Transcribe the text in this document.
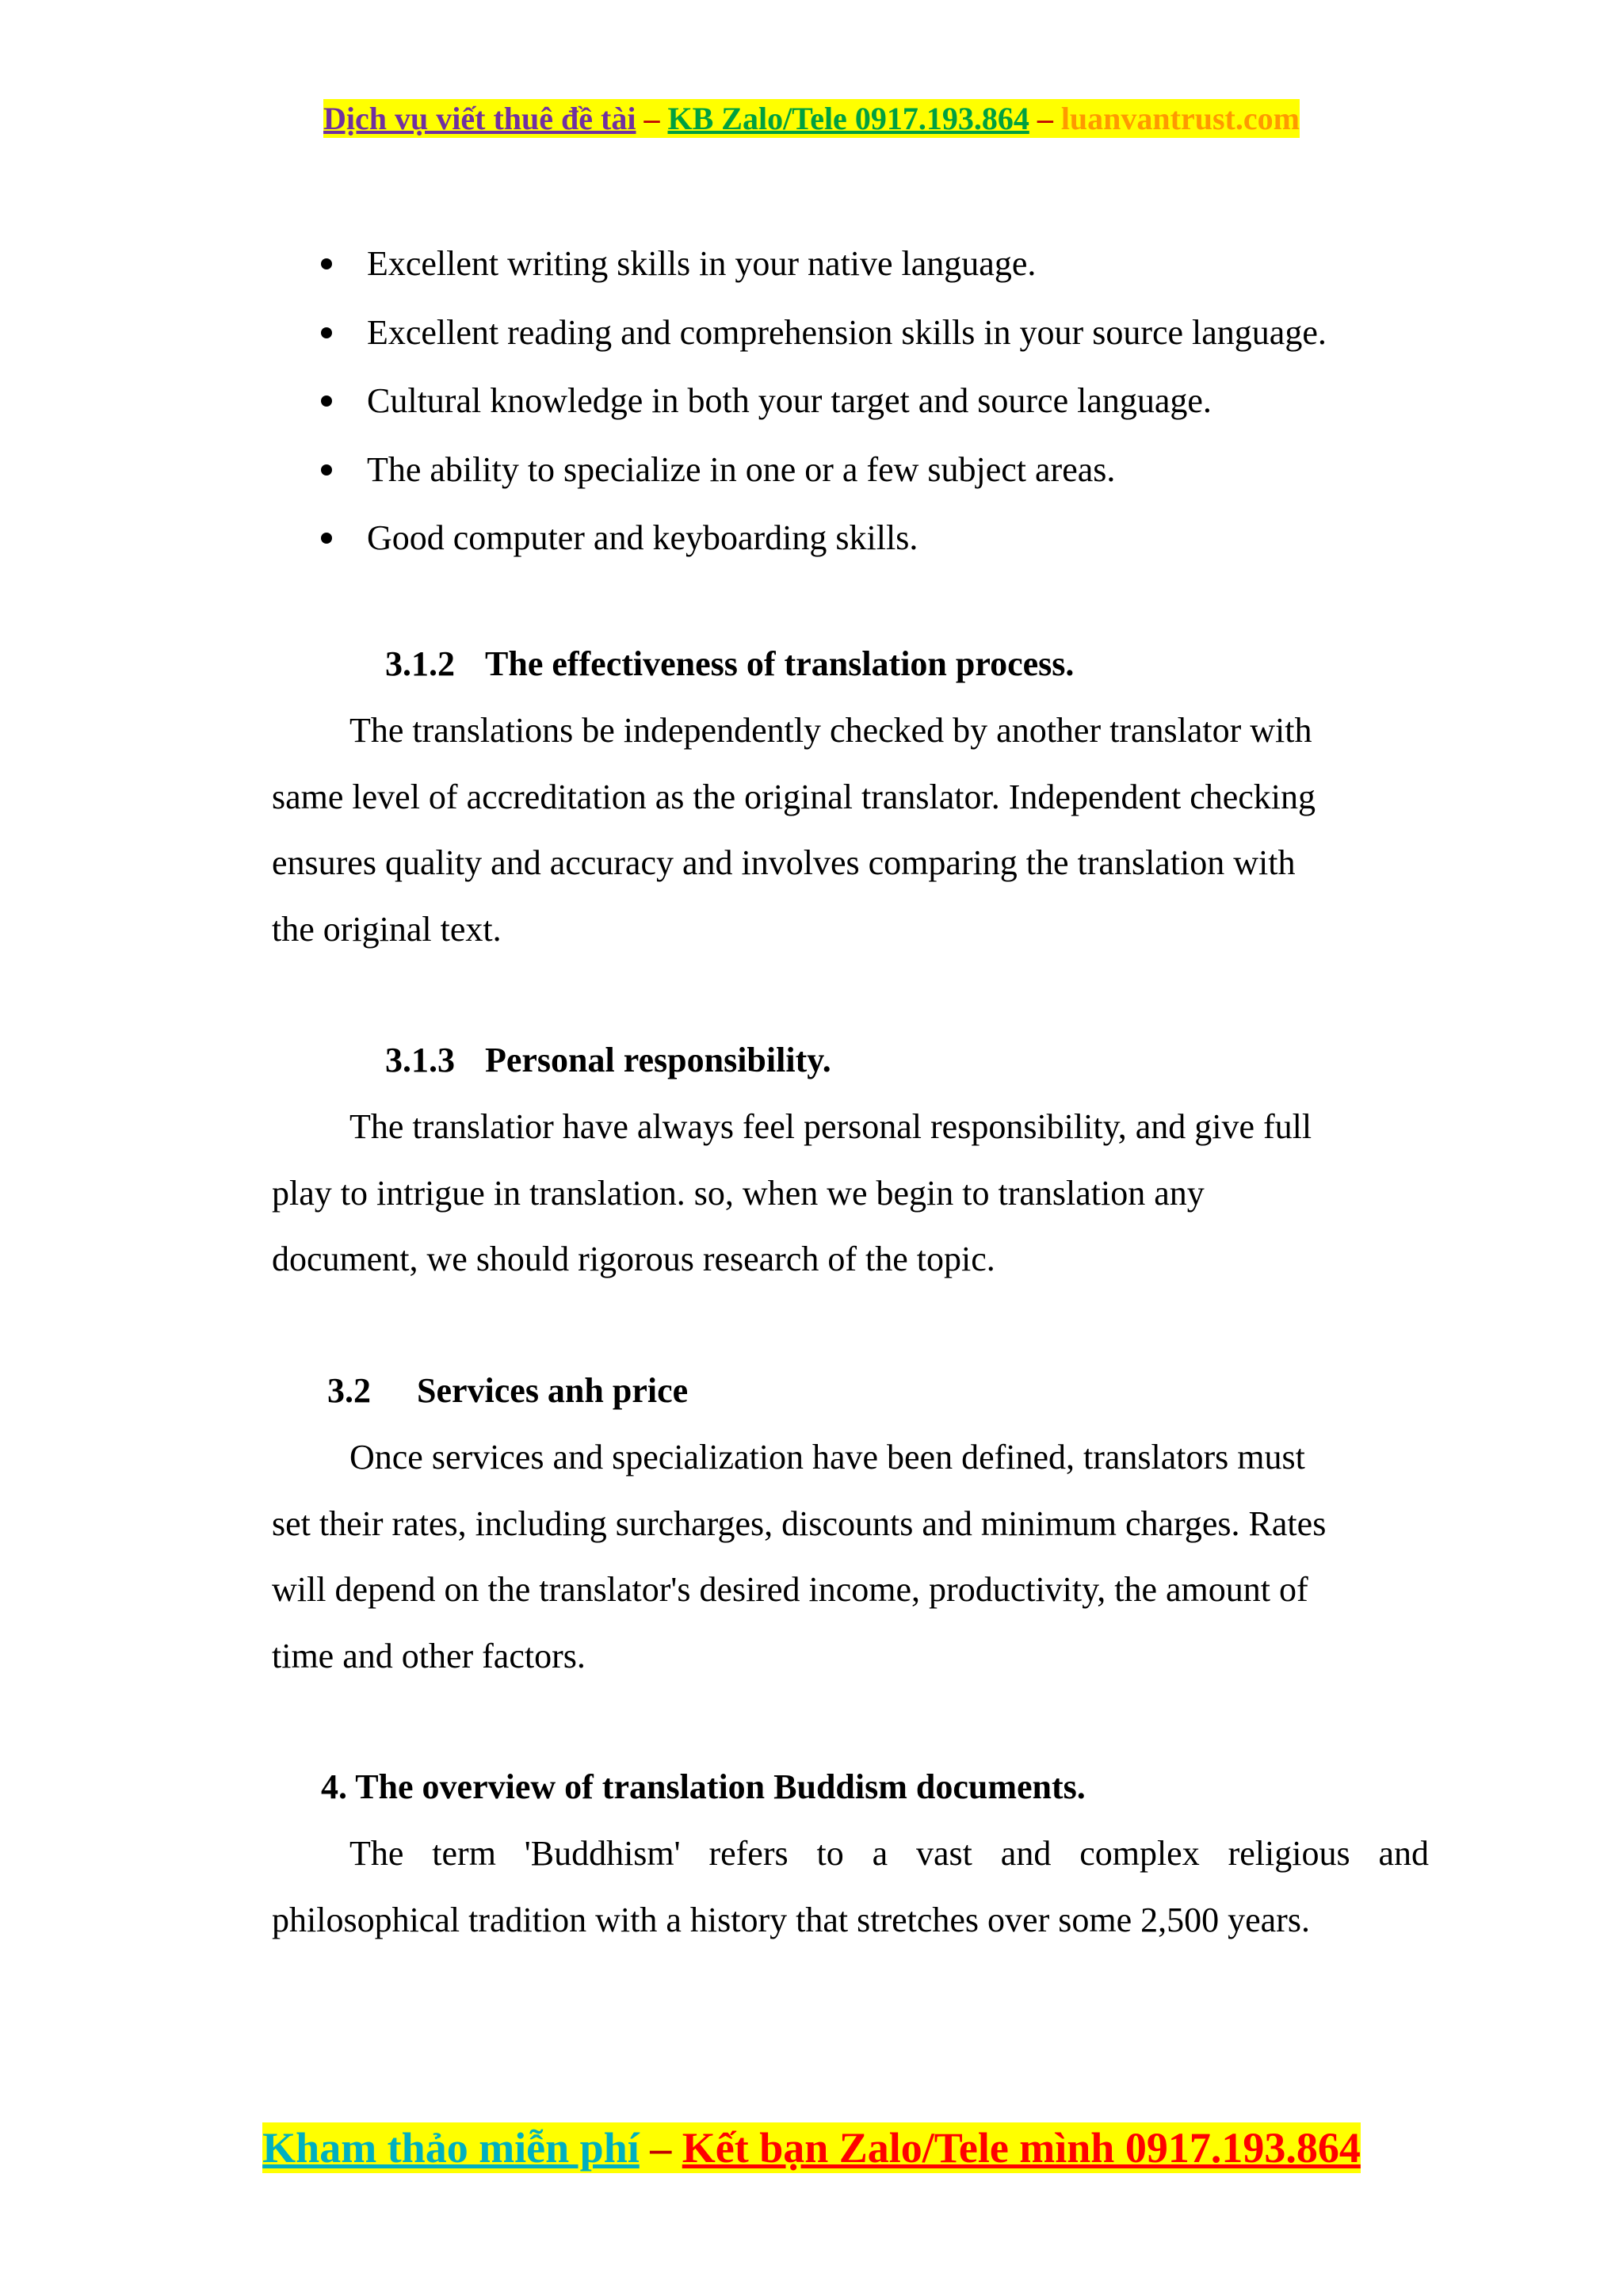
Dịch vụ viết thuê đề tài – KB Zalo/Tele 0917.193.864 – luanvantrust.com
Excellent writing skills in your native language.
Excellent reading and comprehension skills in your source language.
Cultural knowledge in both your target and source language.
The ability to specialize in one or a few subject areas.
Good computer and keyboarding skills.
3.1.2 The effectiveness of translation process.
The translations be independently checked by another translator with
same level of accreditation as the original translator. Independent checking
ensures quality and accuracy and involves comparing the translation with
the original text.
3.1.3 Personal responsibility.
The translatior have always feel personal responsibility, and give full
play to intrigue in translation. so, when we begin to translation any
document, we should rigorous research of the topic.
3.2 Services anh price
Once services and specialization have been defined, translators must
set their rates, including surcharges, discounts and minimum charges. Rates
will depend on the translator's desired income, productivity, the amount of
time and other factors.
4. The overview of translation Buddism documents.
The term 'Buddhism' refers to a vast and complex religious and
philosophical tradition with a history that stretches over some 2,500 years.
Kham thảo miễn phí – Kết bạn Zalo/Tele mình 0917.193.864
